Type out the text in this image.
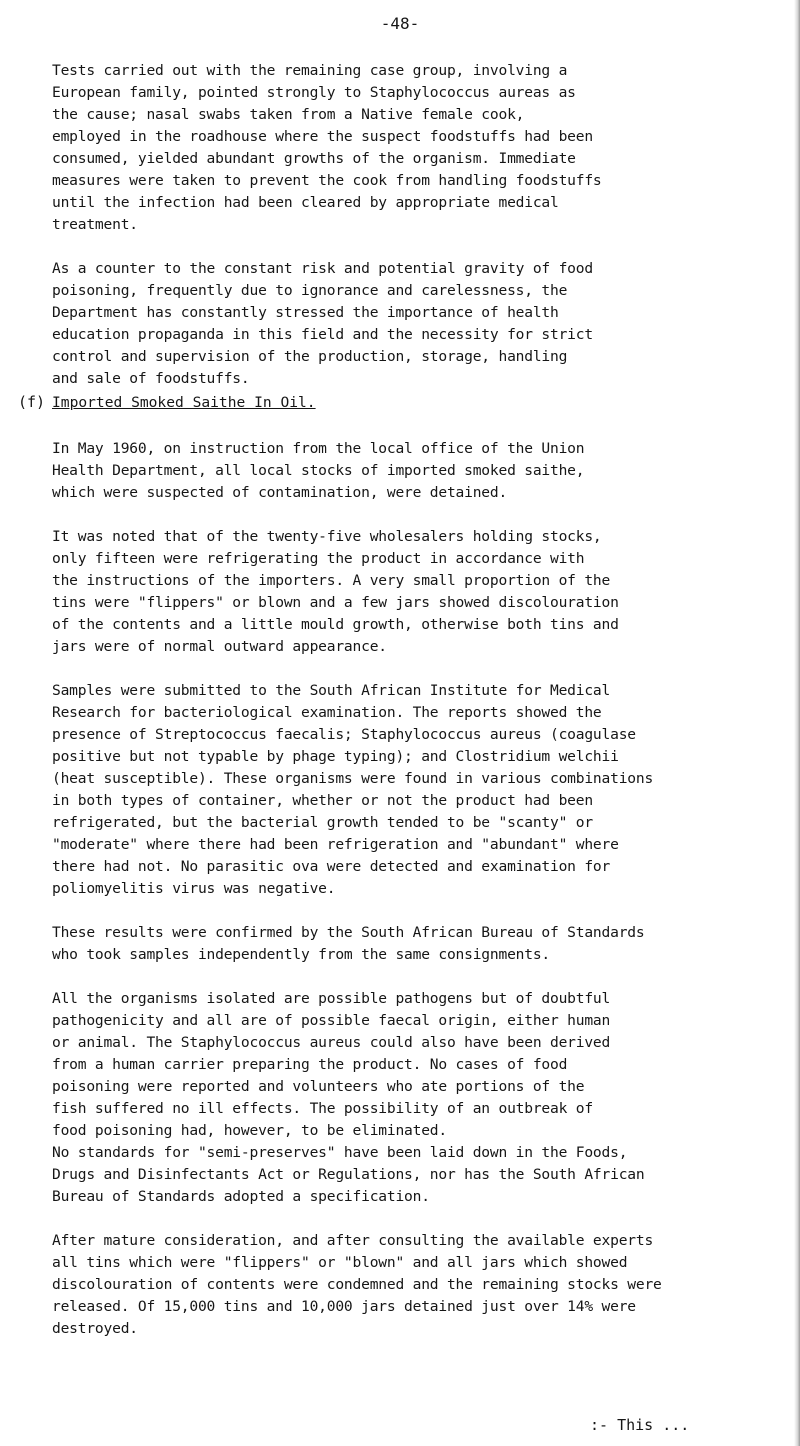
-48-

Tests carried out with the remaining case group, involving a
European family, pointed strongly to Staphylococcus aureas as
the cause; nasal swabs taken from a Native female cook,
employed in the roadhouse where the suspect foodstuffs had been
consumed, yielded abundant growths of the organism. Immediate
measures were taken to prevent the cook from handling foodstuffs
until the infection had been cleared by appropriate medical
treatment.

As a counter to the constant risk and potential gravity of food
poisoning, frequently due to ignorance and carelessness, the
Department has constantly stressed the importance of health
education propaganda in this field and the necessity for strict
control and supervision of the production, storage, handling
and sale of foodstuffs.

(f) Imported Smoked Saithe In Oil.

In May 1960, on instruction from the local office of the Union
Health Department, all local stocks of imported smoked saithe,
which were suspected of contamination, were detained.

It was noted that of the twenty-five wholesalers holding stocks,
only fifteen were refrigerating the product in accordance with
the instructions of the importers. A very small proportion of the
tins were "flippers" or blown and a few jars showed discolouration
of the contents and a little mould growth, otherwise both tins and
jars were of normal outward appearance.

Samples were submitted to the South African Institute for Medical
Research for bacteriological examination. The reports showed the
presence of Streptococcus faecalis; Staphylococcus aureus (coagulase
positive but not typable by phage typing); and Clostridium welchii
(heat susceptible). These organisms were found in various combinations
in both types of container, whether or not the product had been
refrigerated, but the bacterial growth tended to be "scanty" or
"moderate" where there had been refrigeration and "abundant" where
there had not. No parasitic ova were detected and examination for
poliomyelitis virus was negative.

These results were confirmed by the South African Bureau of Standards
who took samples independently from the same consignments.

All the organisms isolated are possible pathogens but of doubtful
pathogenicity and all are of possible faecal origin, either human
or animal. The Staphylococcus aureus could also have been derived
from a human carrier preparing the product. No cases of food
poisoning were reported and volunteers who ate portions of the
fish suffered no ill effects. The possibility of an outbreak of
food poisoning had, however, to be eliminated.

No standards for "semi-preserves" have been laid down in the Foods,
Drugs and Disinfectants Act or Regulations, nor has the South African
Bureau of Standards adopted a specification.

After mature consideration, and after consulting the available experts
all tins which were "flippers" or "blown" and all jars which showed
discolouration of contents were condemned and the remaining stocks were
released. Of 15,000 tins and 10,000 jars detained just over 14% were
destroyed.

:- This ...
